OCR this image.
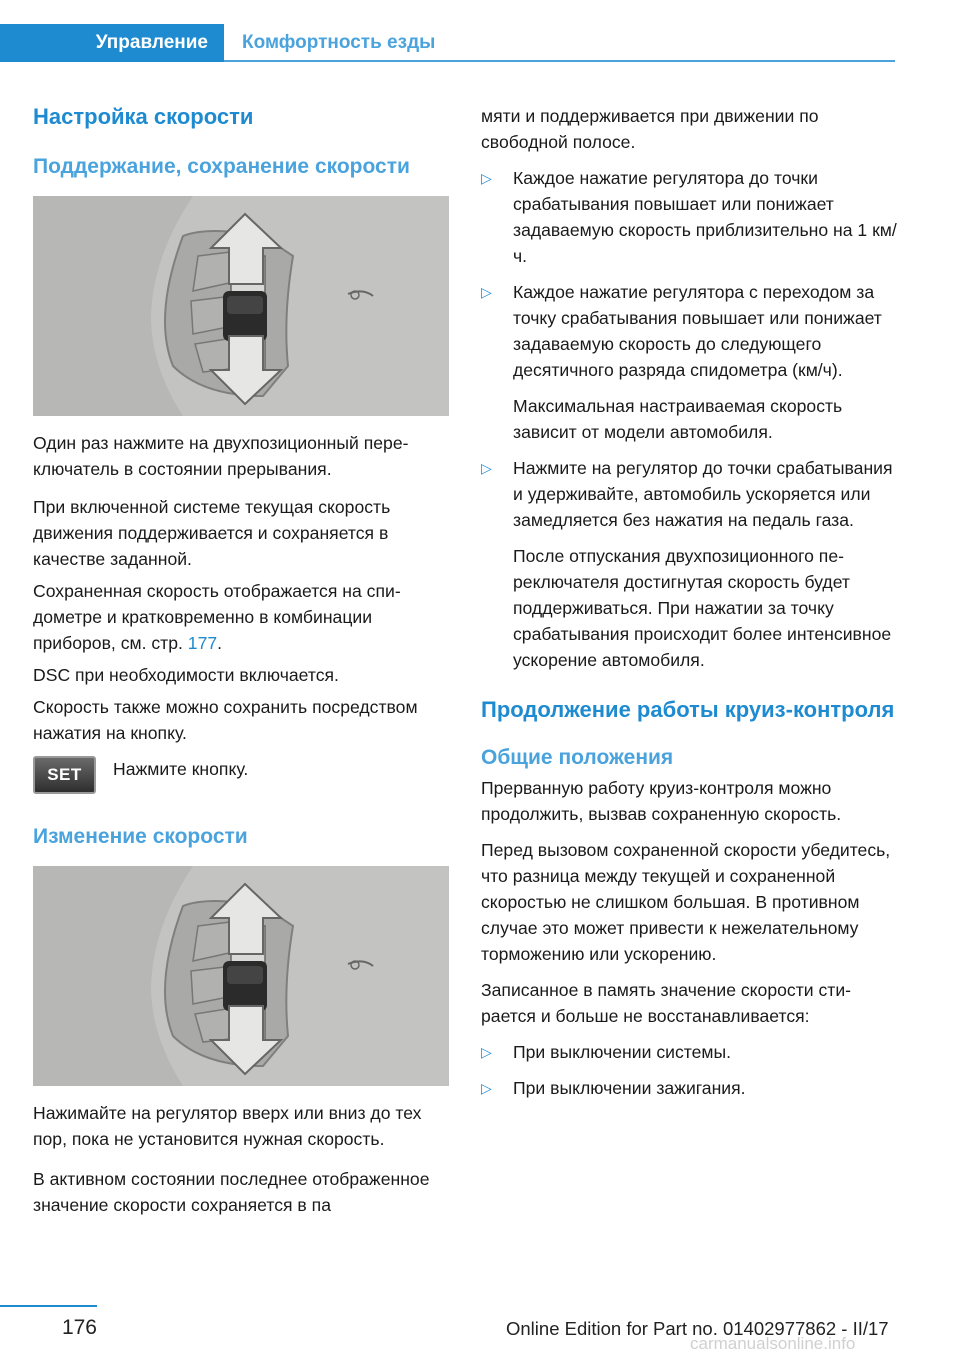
Управление	Комфортность езды
Настройка скорости
Поддержание, сохранение скорости

Один раз нажмите на двухпозиционный переключатель в состоянии прерывания.

При включенной системе текущая скорость движения поддерживается и сохраняется в качестве заданной.

Сохраненная скорость отображается на спидометре и кратковременно в комбинации приборов, см. стр. 177.

DSC при необходимости включается.

Скорость также можно сохранить посредством нажатия на кнопку.

SET	Нажмите кнопку.

Изменение скорости

Нажимайте на регулятор вверх или вниз до тех пор, пока не установится нужная скорость.

В активном состоянии последнее отображенное значение скорости сохраняется в па

мяти и поддерживается при движении по свободной полосе.

▷ Каждое нажатие регулятора до точки срабатывания повышает или понижает задаваемую скорость приблизительно на 1 км/ч.
▷ Каждое нажатие регулятора с переходом за точку срабатывания повышает или понижает задаваемую скорость до следующего десятичного разряда спидометра (км/ч).

Максимальная настраиваемая скорость зависит от модели автомобиля.

▷ Нажмите на регулятор до точки срабатывания и удерживайте, автомобиль ускоряется или замедляется без нажатия на педаль газа.

После отпускания двухпозиционного переключателя достигнутая скорость будет поддерживаться. При нажатии за точку срабатывания происходит более интенсивное ускорение автомобиля.

Продолжение работы круиз-контроля
Общие положения

Прерванную работу круиз-контроля можно продолжить, вызвав сохраненную скорость.

Перед вызовом сохраненной скорости убедитесь, что разница между текущей и сохраненной скоростью не слишком большая. В противном случае это может привести к нежелательному торможению или ускорению.

Записанное в память значение скорости стирается и больше не восстанавливается:

▷ При выключении системы.
▷ При выключении зажигания.
176	Online Edition for Part no. 01402977862 - II/17
carmanualsonline.info
